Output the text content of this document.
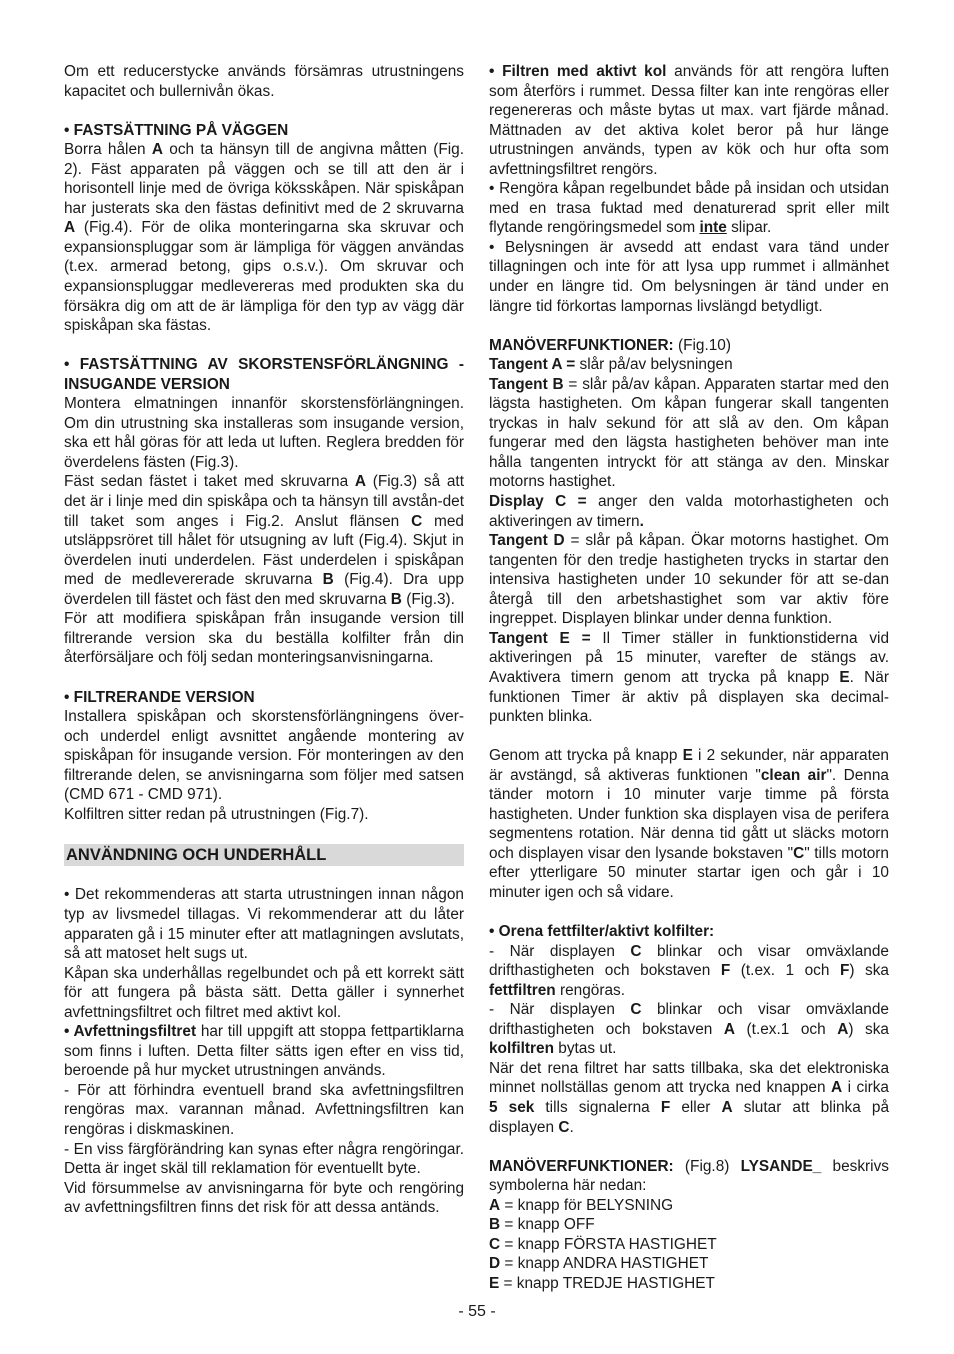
Om ett reducerstycke används försämras utrustningens kapacitet och bullernivån ökas.

• FASTSÄTTNING PÅ VÄGGEN

Borra hålen A och ta hänsyn till de angivna måtten (Fig. 2). Fäst apparaten på väggen och se till att den är i horisontell linje med de övriga köksskåpen. När spiskåpan har justerats ska den fästas definitivt med de 2 skruvarna A (Fig.4). För de olika monteringarna ska skruvar och expansionspluggar som är lämpliga för väggen användas (t.ex. armerad betong, gips o.s.v.). Om skruvar och expansionspluggar medlevereras med produkten ska du försäkra dig om att de är lämpliga för den typ av vägg där spiskåpan ska fästas.

• FASTSÄTTNING AV SKORSTENSFÖRLÄNGNING - INSUGANDE VERSION

Montera elmatningen innanför skorstensförlängningen. Om din utrustning ska installeras som insugande version, ska ett hål göras för att leda ut luften. Reglera bredden för överdelens fästen (Fig.3).

Fäst sedan fästet i taket med skruvarna A (Fig.3) så att det är i linje med din spiskåpa och ta hänsyn till avstån-det till taket som anges i Fig.2. Anslut flänsen C med utsläppsröret till hålet för utsugning av luft (Fig.4). Skjut in överdelen inuti underdelen. Fäst underdelen i spiskåpan med de medlevererade skruvarna B (Fig.4). Dra upp överdelen till fästet och fäst den med skruvarna B (Fig.3).

För att modifiera spiskåpan från insugande version till filtrerande version ska du beställa kolfilter från din återförsäljare och följ sedan monteringsanvisningarna.

• FILTRERANDE VERSION

Installera spiskåpan och skorstensförlängningens över-och underdel enligt avsnittet angående montering av spiskåpan för insugande version. För monteringen av den filtrerande delen, se anvisningarna som följer med satsen (CMD 671 - CMD 971).

Kolfiltren sitter redan på utrustningen (Fig.7).

ANVÄNDNING OCH UNDERHÅLL

• Det rekommenderas att starta utrustningen innan någon typ av livsmedel tillagas. Vi rekommenderar att du låter apparaten gå i 15 minuter efter att matlagningen avslutats, så att matoset helt sugs ut.

Kåpan ska underhållas regelbundet och på ett korrekt sätt för att fungera på bästa sätt. Detta gäller i synnerhet avfettningsfiltret och filtret med aktivt kol.

• Avfettningsfiltret har till uppgift att stoppa fettpartiklarna som finns i luften. Detta filter sätts igen efter en viss tid, beroende på hur mycket utrustningen används.

- För att förhindra eventuell brand ska avfettningsfiltren rengöras max. varannan månad. Avfettningsfiltren kan rengöras i diskmaskinen.

- En viss färgförändring kan synas efter några rengöringar. Detta är inget skäl till reklamation för eventuellt byte.

Vid försummelse av anvisningarna för byte och rengöring av avfettningsfiltren finns det risk för att dessa antänds.

• Filtren med aktivt kol används för att rengöra luften som återförs i rummet. Dessa filter kan inte rengöras eller regenereras och måste bytas ut max. vart fjärde månad. Mättnaden av det aktiva kolet beror på hur länge utrustningen används, typen av kök och hur ofta som avfettningsfiltret rengörs.

• Rengöra kåpan regelbundet både på insidan och utsidan med en trasa fuktad med denaturerad sprit eller milt flytande rengöringsmedel som inte slipar.

• Belysningen är avsedd att endast vara tänd under tillagningen och inte för att lysa upp rummet i allmänhet under en längre tid. Om belysningen är tänd under en längre tid förkortas lampornas livslängd betydligt.

MANÖVERFUNKTIONER: (Fig.10)

Tangent A = slår på/av belysningen

Tangent B = slår på/av kåpan. Apparaten startar med den lägsta hastigheten. Om kåpan fungerar skall tangenten tryckas in halv sekund för att slå av den. Om kåpan fungerar med den lägsta hastigheten behöver man inte hålla tangenten intryckt för att stänga av den. Minskar motorns hastighet.

Display C = anger den valda motorhastigheten och aktiveringen av timern.

Tangent D = slår på kåpan. Ökar motorns hastighet. Om tangenten för den tredje hastigheten trycks in startar den intensiva hastigheten under 10 sekunder för att se-dan återgå till den arbetshastighet som var aktiv före ingreppet. Displayen blinkar under denna funktion.

Tangent E = Il Timer ställer in funktionstiderna vid aktiveringen på 15 minuter, varefter de stängs av. Avaktivera timern genom att trycka på knapp E. När funktionen Timer är aktiv på displayen ska decimal-punkten blinka.

Genom att trycka på knapp E i 2 sekunder, när apparaten är avstängd, så aktiveras funktionen "clean air". Denna tänder motorn i 10 minuter varje timme på första hastigheten. Under funktion ska displayen visa de perifera segmentens rotation. När denna tid gått ut släcks motorn och displayen visar den lysande bokstaven "C" tills motorn efter ytterligare 50 minuter startar igen och går i 10 minuter igen och så vidare.

• Orena fettfilter/aktivt kolfilter:

- När displayen C blinkar och visar omväxlande drifthastigheten och bokstaven F (t.ex. 1 och F) ska fettfiltren rengöras.

- När displayen C blinkar och visar omväxlande drifthastigheten och bokstaven A (t.ex.1 och A) ska kolfiltren bytas ut.

När det rena filtret har satts tillbaka, ska det elektroniska minnet nollställas genom att trycka ned knappen A i cirka 5 sek tills signalerna F eller A slutar att blinka på displayen C.

MANÖVERFUNKTIONER: (Fig.8) LYSANDE_ beskrivs symbolerna här nedan:

A = knapp för BELYSNING

B = knapp OFF

C = knapp FÖRSTA HASTIGHET

D = knapp ANDRA HASTIGHET

E = knapp TREDJE HASTIGHET

- 55 -
